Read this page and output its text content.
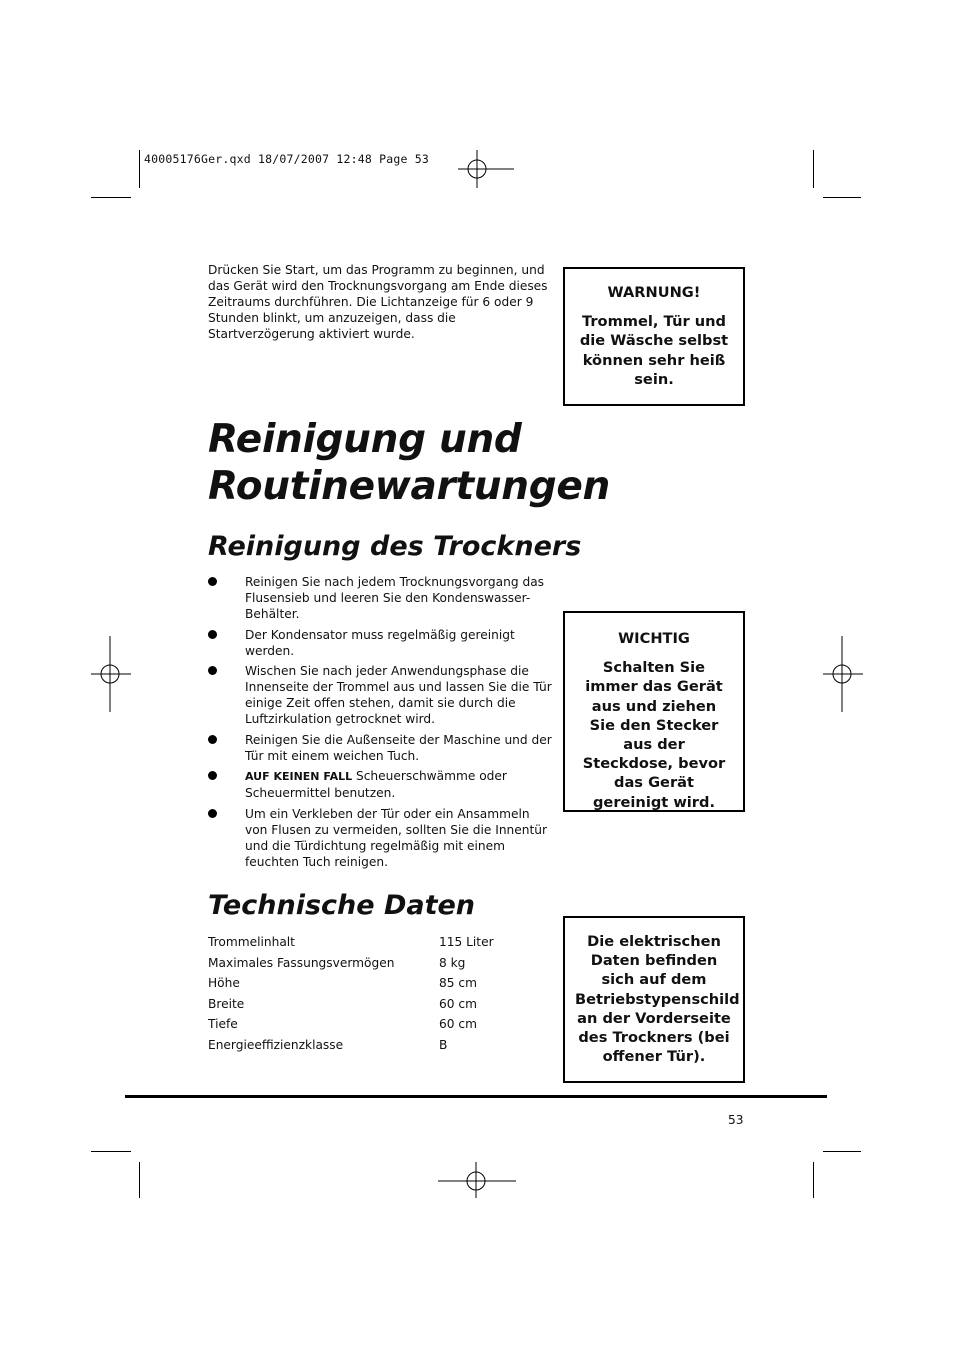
40005176Ger.qxd 18/07/2007 12:48 Page 53
Drücken Sie Start, um das Programm zu beginnen, und das Gerät wird den Trocknungsvorgang am Ende dieses Zeitraums durchführen. Die Lichtanzeige für 6 oder 9 Stunden blinkt, um anzuzeigen, dass die Startverzögerung aktiviert wurde.
WARNUNG!
Trommel, Tür und die Wäsche selbst können sehr heiß sein.
Reinigung und
Routinewartungen
Reinigung des Trockners
Reinigen Sie nach jedem Trocknungsvorgang das Flusensieb und leeren Sie den Kondenswasser-Behälter.
Der Kondensator muss regelmäßig gereinigt werden.
Wischen Sie nach jeder Anwendungsphase die Innenseite der Trommel aus und lassen Sie die Tür einige Zeit offen stehen, damit sie durch die Luftzirkulation getrocknet wird.
Reinigen Sie die Außenseite der Maschine und der Tür mit einem weichen Tuch.
AUF KEINEN FALL Scheuerschwämme oder Scheuermittel benutzen.
Um ein Verkleben der Tür oder ein Ansammeln von Flusen zu vermeiden, sollten Sie die Innentür und die Türdichtung regelmäßig mit einem feuchten Tuch reinigen.
WICHTIG
Schalten Sie immer das Gerät aus und ziehen Sie den Stecker aus der Steckdose, bevor das Gerät gereinigt wird.
Technische Daten
Trommelinhalt	115 Liter
Maximales Fassungsvermögen	8 kg
Höhe	85 cm
Breite	60 cm
Tiefe	60 cm
Energieeffizienzklasse	B
Die elektrischen Daten befinden sich auf dem Betriebstypenschild an der Vorderseite des Trockners (bei offener Tür).
53
